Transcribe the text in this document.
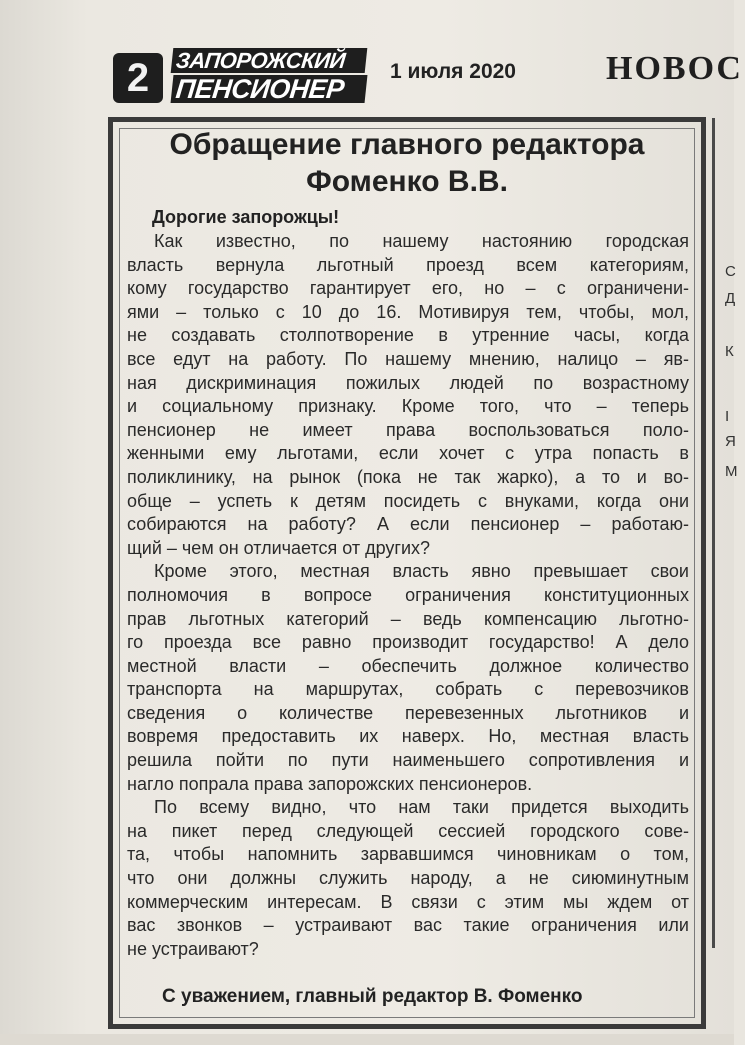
2	ЗАПОРОЖСКИЙ
ПЕНСИОНЕР
1 июля 2020	НОВОС
Обращение главного редактора
Фоменко В.В.
Дорогие запорожцы!
Как известно, по нашему настоянию городская
власть вернула льготный проезд всем категориям,
кому государство гарантирует его, но – с ограничени-
ями – только с 10 до 16. Мотивируя тем, чтобы, мол,
не создавать столпотворение в утренние часы, когда
все едут на работу. По нашему мнению, налицо – яв-
ная дискриминация пожилых людей по возрастному
и социальному признаку. Кроме того, что – теперь
пенсионер не имеет права воспользоваться поло-
женными ему льготами, если хочет с утра попасть в
поликлинику, на рынок (пока не так жарко), а то и во-
обще – успеть к детям посидеть с внуками, когда они
собираются на работу? А если пенсионер – работаю-
щий – чем он отличается от других?
Кроме этого, местная власть явно превышает свои
полномочия в вопросе ограничения конституционных
прав льготных категорий – ведь компенсацию льготно-
го проезда все равно производит государство! А дело
местной власти – обеспечить должное количество
транспорта на маршрутах, собрать с перевозчиков
сведения о количестве перевезенных льготников и
вовремя предоставить их наверх. Но, местная власть
решила пойти по пути наименьшего сопротивления и
нагло попрала права запорожских пенсионеров.
По всему видно, что нам таки придется выходить
на пикет перед следующей сессией городского сове-
та, чтобы напомнить зарвавшимся чиновникам о том,
что они должны служить народу, а не сиюминутным
коммерческим интересам. В связи с этим мы ждем от
вас звонков – устраивают вас такие ограничения или
не устраивают?
С уважением, главный редактор В. Фоменко
С
Д
К
І
Я
М
